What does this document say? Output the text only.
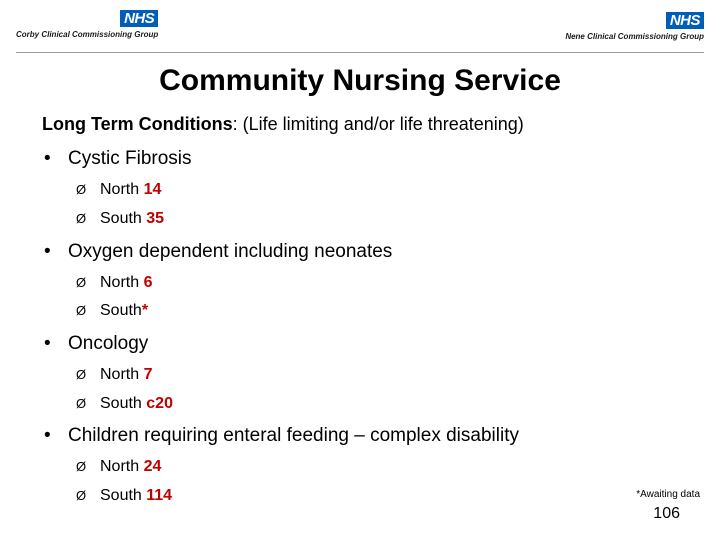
NHS
Corby Clinical Commissioning Group
NHS
Nene Clinical Commissioning Group
Community Nursing Service
Long Term Conditions: (Life limiting and/or life threatening)
• Cystic Fibrosis
Ø North 14
Ø South 35
• Oxygen dependent including neonates
Ø North 6
Ø South*
• Oncology
Ø North 7
Ø South c20
• Children requiring enteral feeding – complex disability
Ø North 24
Ø South 114	*Awaiting data
106
